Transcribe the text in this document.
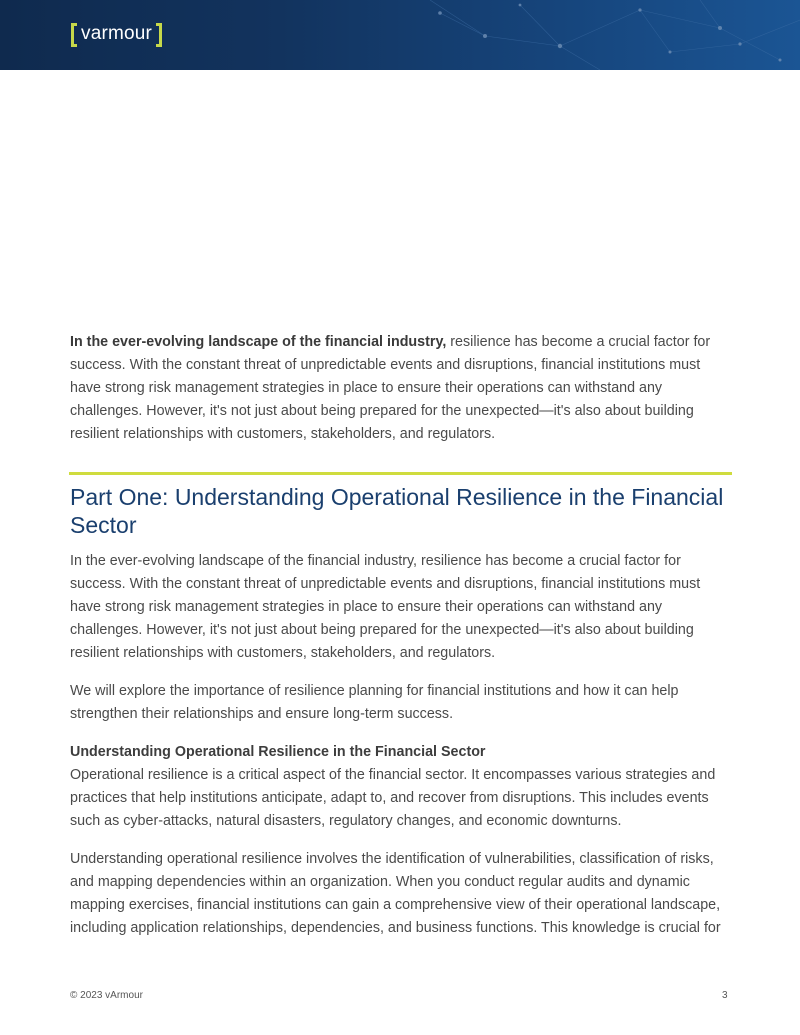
varmour

In the ever-evolving landscape of the financial industry, resilience has become a crucial factor for success. With the constant threat of unpredictable events and disruptions, financial institutions must have strong risk management strategies in place to ensure their operations can withstand any challenges. However, it's not just about being prepared for the unexpected—it's also about building resilient relationships with customers, stakeholders, and regulators.

Part One: Understanding Operational Resilience in the Financial Sector

In the ever-evolving landscape of the financial industry, resilience has become a crucial factor for success. With the constant threat of unpredictable events and disruptions, financial institutions must have strong risk management strategies in place to ensure their operations can withstand any challenges. However, it's not just about being prepared for the unexpected—it's also about building resilient relationships with customers, stakeholders, and regulators.

We will explore the importance of resilience planning for financial institutions and how it can help strengthen their relationships and ensure long-term success.

Understanding Operational Resilience in the Financial Sector
Operational resilience is a critical aspect of the financial sector. It encompasses various strategies and practices that help institutions anticipate, adapt to, and recover from disruptions. This includes events such as cyber-attacks, natural disasters, regulatory changes, and economic downturns.

Understanding operational resilience involves the identification of vulnerabilities, classification of risks, and mapping dependencies within an organization. When you conduct regular audits and dynamic mapping exercises, financial institutions can gain a comprehensive view of their operational landscape, including application relationships, dependencies, and business functions. This knowledge is crucial for

© 2023 vArmour	3
